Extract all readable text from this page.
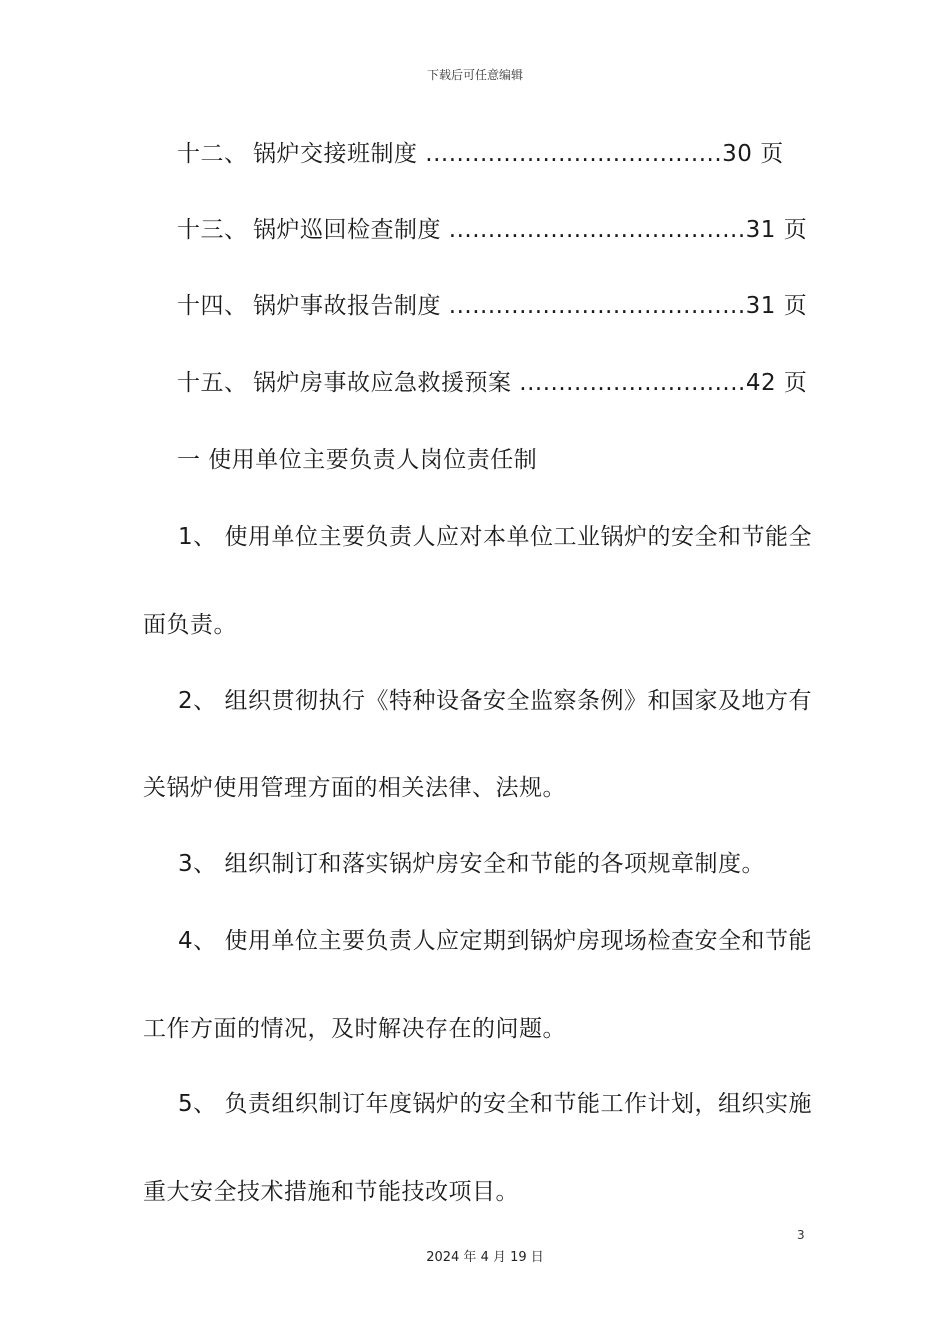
下载后可任意编辑
十二、 锅炉交接班制度 ......................................30 页
十三、 锅炉巡回检查制度 ......................................31 页
十四、 锅炉事故报告制度 ......................................31 页
十五、 锅炉房事故应急救援预案 .............................42 页
一 使用单位主要负责人岗位责任制
1、 使用单位主要负责人应对本单位工业锅炉的安全和节能全
面负责。
2、 组织贯彻执行《特种设备安全监察条例》和国家及地方有
关锅炉使用管理方面的相关法律、法规。
3、 组织制订和落实锅炉房安全和节能的各项规章制度。
4、 使用单位主要负责人应定期到锅炉房现场检查安全和节能
工作方面的情况，及时解决存在的问题。
5、 负责组织制订年度锅炉的安全和节能工作计划，组织实施
重大安全技术措施和节能技改项目。
3
2024 年 4 月 19 日
